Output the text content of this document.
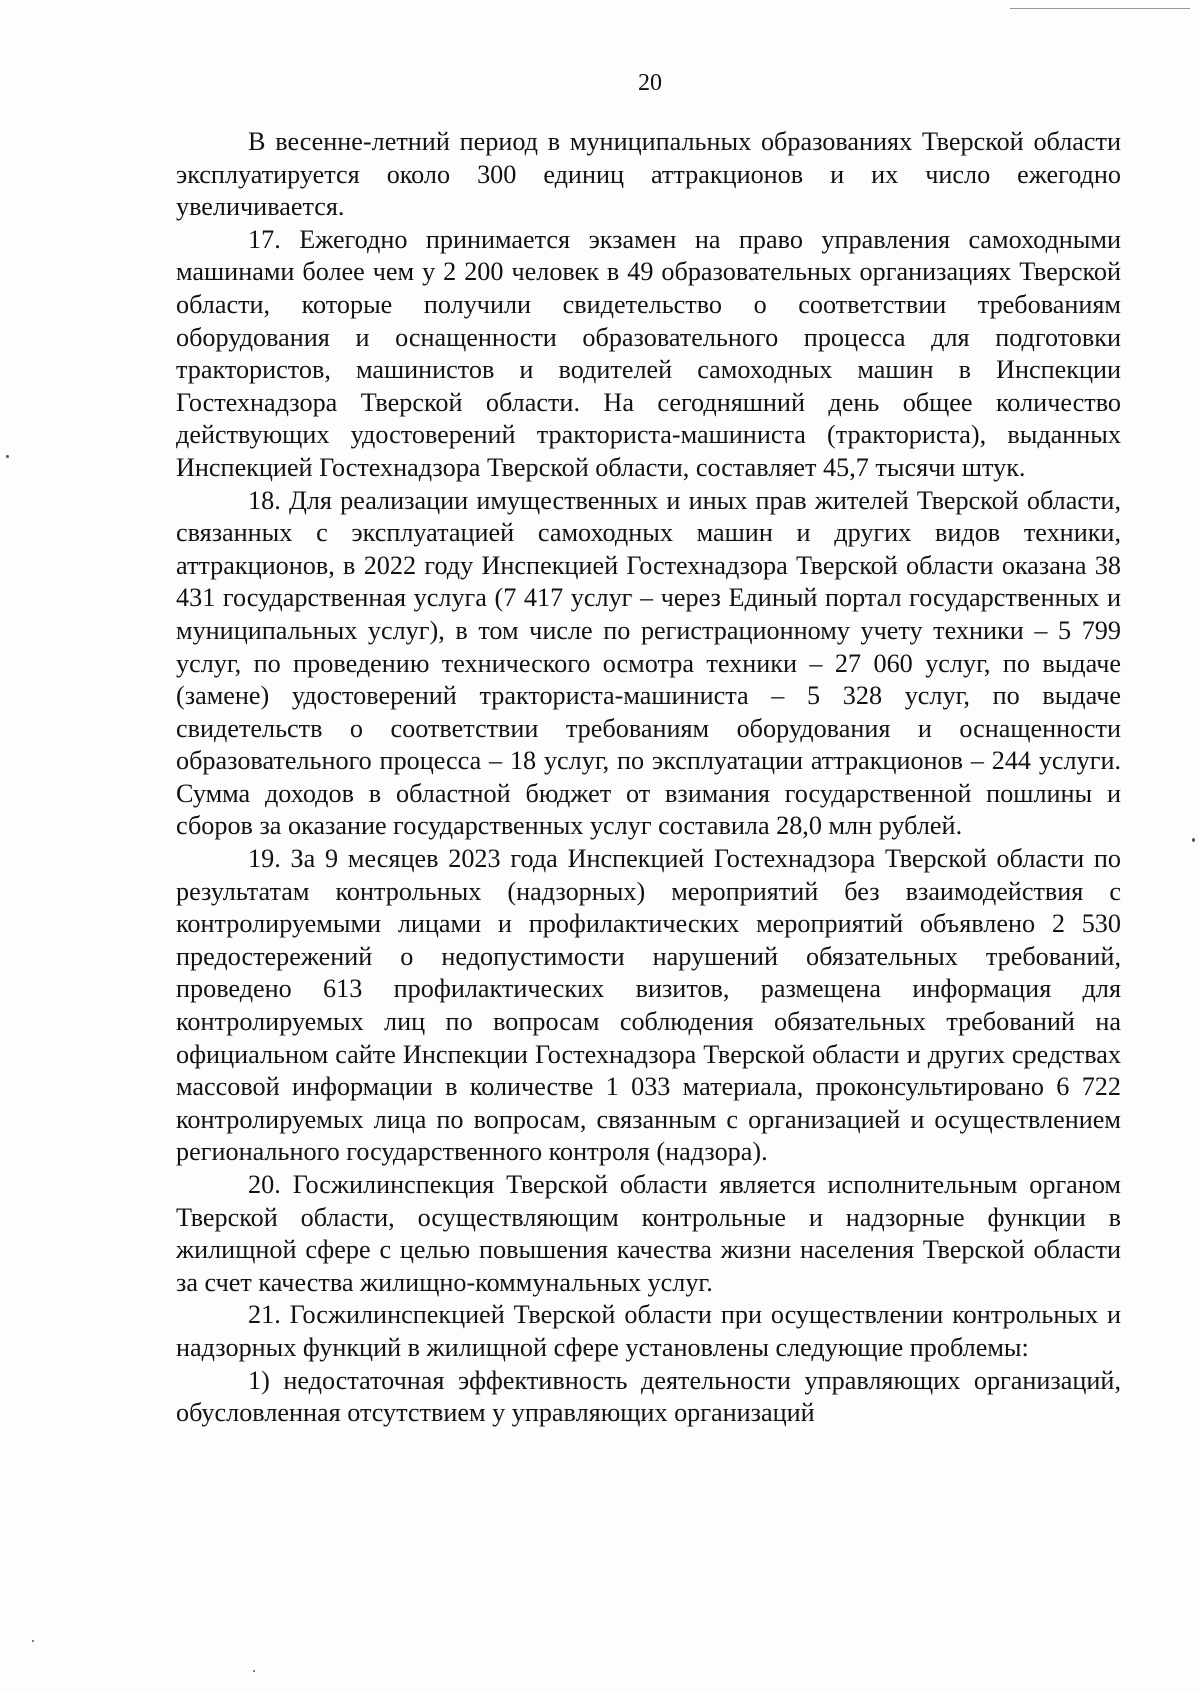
20

В весенне-летний период в муниципальных образованиях Тверской области эксплуатируется около 300 единиц аттракционов и их число ежегодно увеличивается.

17. Ежегодно принимается экзамен на право управления самоходными машинами более чем у 2 200 человек в 49 образовательных организациях Тверской области, которые получили свидетельство о соответствии требованиям оборудования и оснащенности образовательного процесса для подготовки трактористов, машинистов и водителей самоходных машин в Инспекции Гостехнадзора Тверской области. На сегодняшний день общее количество действующих удостоверений тракториста-машиниста (тракториста), выданных Инспекцией Гостехнадзора Тверской области, составляет 45,7 тысячи штук.

18. Для реализации имущественных и иных прав жителей Тверской области, связанных с эксплуатацией самоходных машин и других видов техники, аттракционов, в 2022 году Инспекцией Гостехнадзора Тверской области оказана 38 431 государственная услуга (7 417 услуг – через Единый портал государственных и муниципальных услуг), в том числе по регистрационному учету техники – 5 799 услуг, по проведению технического осмотра техники – 27 060 услуг, по выдаче (замене) удостоверений тракториста-машиниста – 5 328 услуг, по выдаче свидетельств о соответствии требованиям оборудования и оснащенности образовательного процесса – 18 услуг, по эксплуатации аттракционов – 244 услуги. Сумма доходов в областной бюджет от взимания государственной пошлины и сборов за оказание государственных услуг составила 28,0 млн рублей.

19. За 9 месяцев 2023 года Инспекцией Гостехнадзора Тверской области по результатам контрольных (надзорных) мероприятий без взаимодействия с контролируемыми лицами и профилактических мероприятий объявлено 2 530 предостережений о недопустимости нарушений обязательных требований, проведено 613 профилактических визитов, размещена информация для контролируемых лиц по вопросам соблюдения обязательных требований на официальном сайте Инспекции Гостехнадзора Тверской области и других средствах массовой информации в количестве 1 033 материала, проконсультировано 6 722 контролируемых лица по вопросам, связанным с организацией и осуществлением регионального государственного контроля (надзора).

20. Госжилинспекция Тверской области является исполнительным органом Тверской области, осуществляющим контрольные и надзорные функции в жилищной сфере с целью повышения качества жизни населения Тверской области за счет качества жилищно-коммунальных услуг.

21. Госжилинспекцией Тверской области при осуществлении контрольных и надзорных функций в жилищной сфере установлены следующие проблемы:

1) недостаточная эффективность деятельности управляющих организаций, обусловленная отсутствием у управляющих организаций
